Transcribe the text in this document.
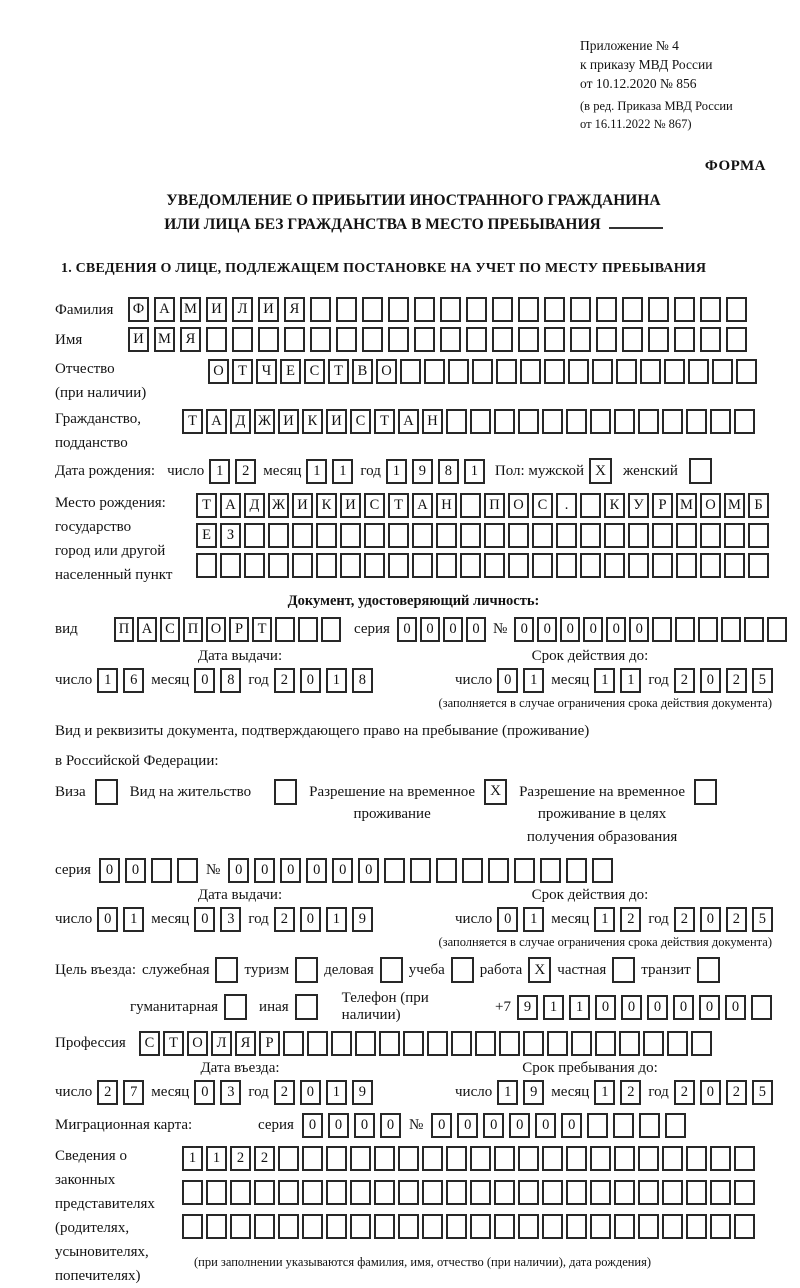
Приложение № 4
к приказу МВД России
от 10.12.2020 № 856
(в ред. Приказа МВД России
от 16.11.2022 № 867)
ФОРМА
УВЕДОМЛЕНИЕ О ПРИБЫТИИ ИНОСТРАННОГО ГРАЖДАНИНА
ИЛИ ЛИЦА БЕЗ ГРАЖДАНСТВА В МЕСТО ПРЕБЫВАНИЯ
1. СВЕДЕНИЯ О ЛИЦЕ, ПОДЛЕЖАЩЕМ ПОСТАНОВКЕ НА УЧЕТ ПО МЕСТУ ПРЕБЫВАНИЯ
Фамилия	Ф	А М И	Л	И	Я

Имя	И М	Я

Отчество
(при наличии)
О Т	Ч	Е	С	Т	В О

Гражданство,
подданство
Т А Д Ж И К И С	Т А Н

Дата рождения: число 1	2 месяц 1	1 год 1	9	8	1	Пол: мужской X	женский
Место рождения:
государство
город или другой
населенный пункт
Т А Д Ж И К И С	Т А Н
	П О С	.
	К У	Р М О М Б
Е	З

Документ, удостоверяющий личность:
вид	П А С П О Р	Т

	серия 0	0	0	0 № 0	0	0	0	0	0

Дата выдачи:	Срок действия до:
число 1	6 месяц 0	8 год 2	0	1	8	число 0	1 месяц 1	1 год 2	0	2	5
(заполняется в случае ограничения срока действия документа)
Вид и реквизиты документа, подтверждающего право на пребывание (проживание)
в Российской Федерации:
Виза	Вид на жительство	Разрешение на временное
проживание
X	Разрешение на временное
проживание в целях
получения образования
серия	0	0

	№	0	0	0	0	0	0

Дата выдачи:	Срок действия до:
число 0	1 месяц 0	3 год 2	0	1	9	число 0	1 месяц 1	2 год 2	0	2	5
(заполняется в случае ограничения срока действия документа)
Цель въезда: служебная туризм деловая учеба работа X частная транзит
гуманитарная	иная
Телефон (при наличии)
+7 9	1	1	0	0	0	0	0	0

Профессия	С	Т О Л Я	Р

Дата въезда:	Срок пребывания до:
число 2	7 месяц 0	3 год 2	0	1	9	число 1	9 месяц 1	2 год 2	0	2	5
Миграционная карта:	серия	0	0	0	0 №	0	0	0	0	0	0

Сведения о
законных
представителях
(родителях,
усыновителях,
попечителях)
1	1	2	2

(при заполнении указываются фамилия, имя, отчество (при наличии), дата рождения)
